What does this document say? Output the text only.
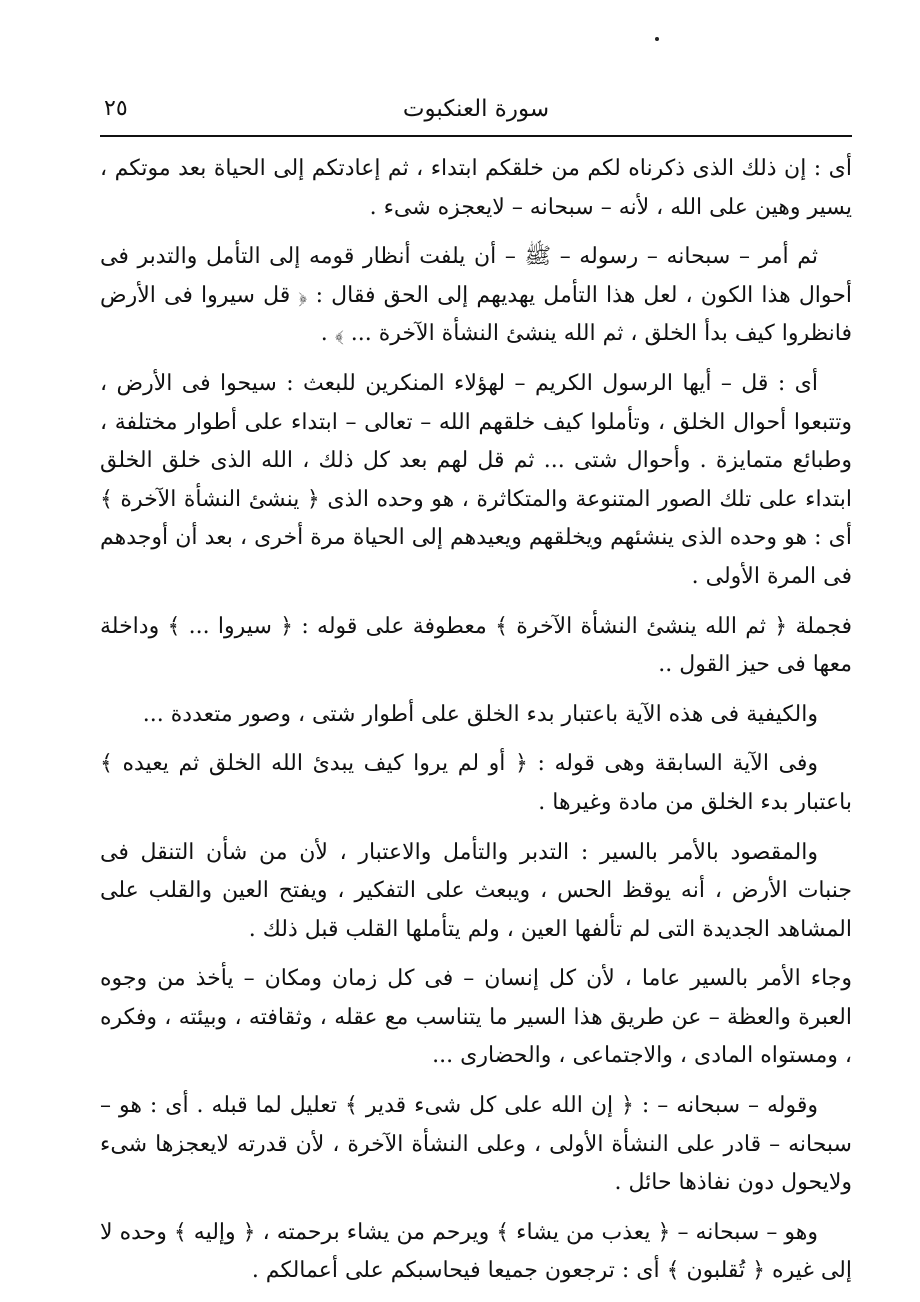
٢٥	سورة العنكبوت

أى : إن ذلك الذى ذكرناه لكم من خلقكم ابتداء ، ثم إعادتكم إلى الحياة بعد موتكم ، يسير وهين على الله ، لأنه – سبحانه – لايعجزه شىء .

ثم أمر – سبحانه – رسوله – ﷺ – أن يلفت أنظار قومه إلى التأمل والتدبر فى أحوال هذا الكون ، لعل هذا التأمل يهديهم إلى الحق فقال : ﴿ قل سيروا فى الأرض فانظروا كيف بدأ الخلق ، ثم الله ينشئ النشأة الآخرة ... ﴾ .

أى : قل – أيها الرسول الكريم – لهؤلاء المنكرين للبعث : سيحوا فى الأرض ، وتتبعوا أحوال الخلق ، وتأملوا كيف خلقهم الله – تعالى – ابتداء على أطوار مختلفة ، وطبائع متمايزة . وأحوال شتى ... ثم قل لهم بعد كل ذلك ، الله الذى خلق الخلق ابتداء على تلك الصور المتنوعة والمتكاثرة ، هو وحده الذى ﴿ ينشئ النشأة الآخرة ﴾ أى : هو وحده الذى ينشئهم ويخلقهم ويعيدهم إلى الحياة مرة أخرى ، بعد أن أوجدهم فى المرة الأولى .

فجملة ﴿ ثم الله ينشئ النشأة الآخرة ﴾ معطوفة على قوله : ﴿ سيروا ... ﴾ وداخلة معها فى حيز القول ..

والكيفية فى هذه الآية باعتبار بدء الخلق على أطوار شتى ، وصور متعددة ...

وفى الآية السابقة وهى قوله : ﴿ أو لم يروا كيف يبدئ الله الخلق ثم يعيده ﴾ باعتبار بدء الخلق من مادة وغيرها .

والمقصود بالأمر بالسير : التدبر والتأمل والاعتبار ، لأن من شأن التنقل فى جنبات الأرض ، أنه يوقظ الحس ، ويبعث على التفكير ، ويفتح العين والقلب على المشاهد الجديدة التى لم تألفها العين ، ولم يتأملها القلب قبل ذلك .

وجاء الأمر بالسير عاما ، لأن كل إنسان – فى كل زمان ومكان – يأخذ من وجوه العبرة والعظة – عن طريق هذا السير ما يتناسب مع عقله ، وثقافته ، وبيئته ، وفكره ، ومستواه المادى ، والاجتماعى ، والحضارى ...

وقوله – سبحانه – : ﴿ إن الله على كل شىء قدير ﴾ تعليل لما قبله . أى : هو – سبحانه – قادر على النشأة الأولى ، وعلى النشأة الآخرة ، لأن قدرته لايعجزها شىء ولايحول دون نفاذها حائل .

وهو – سبحانه – ﴿ يعذب من يشاء ﴾ ويرحم من يشاء برحمته ، ﴿ وإليه ﴾ وحده لا إلى غيره ﴿ تُقلبون ﴾ أى : ترجعون جميعا فيحاسبكم على أعمالكم .
